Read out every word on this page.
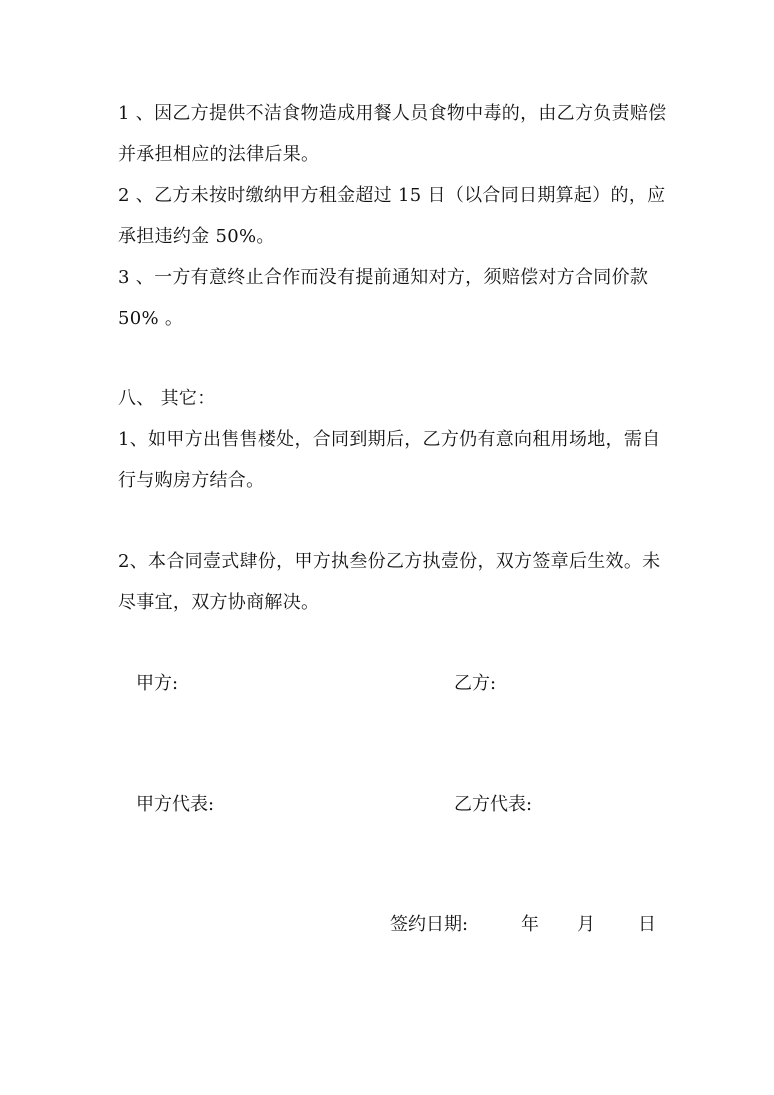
1 、因乙方提供不洁食物造成用餐人员食物中毒的，由乙方负责赔偿
并承担相应的法律后果。
2 、乙方未按时缴纳甲方租金超过 15 日（以合同日期算起）的，应
承担违约金 50%。
3 、一方有意终止合作而没有提前通知对方，须赔偿对方合同价款
50% 。
八、 其它：
1、如甲方出售售楼处，合同到期后，乙方仍有意向租用场地，需自
行与购房方结合。
2、本合同壹式肆份，甲方执叁份乙方执壹份，双方签章后生效。未
尽事宜，双方协商解决。
甲方:	乙方:
甲方代表:	乙方代表:
签约日期:	年 月 日
